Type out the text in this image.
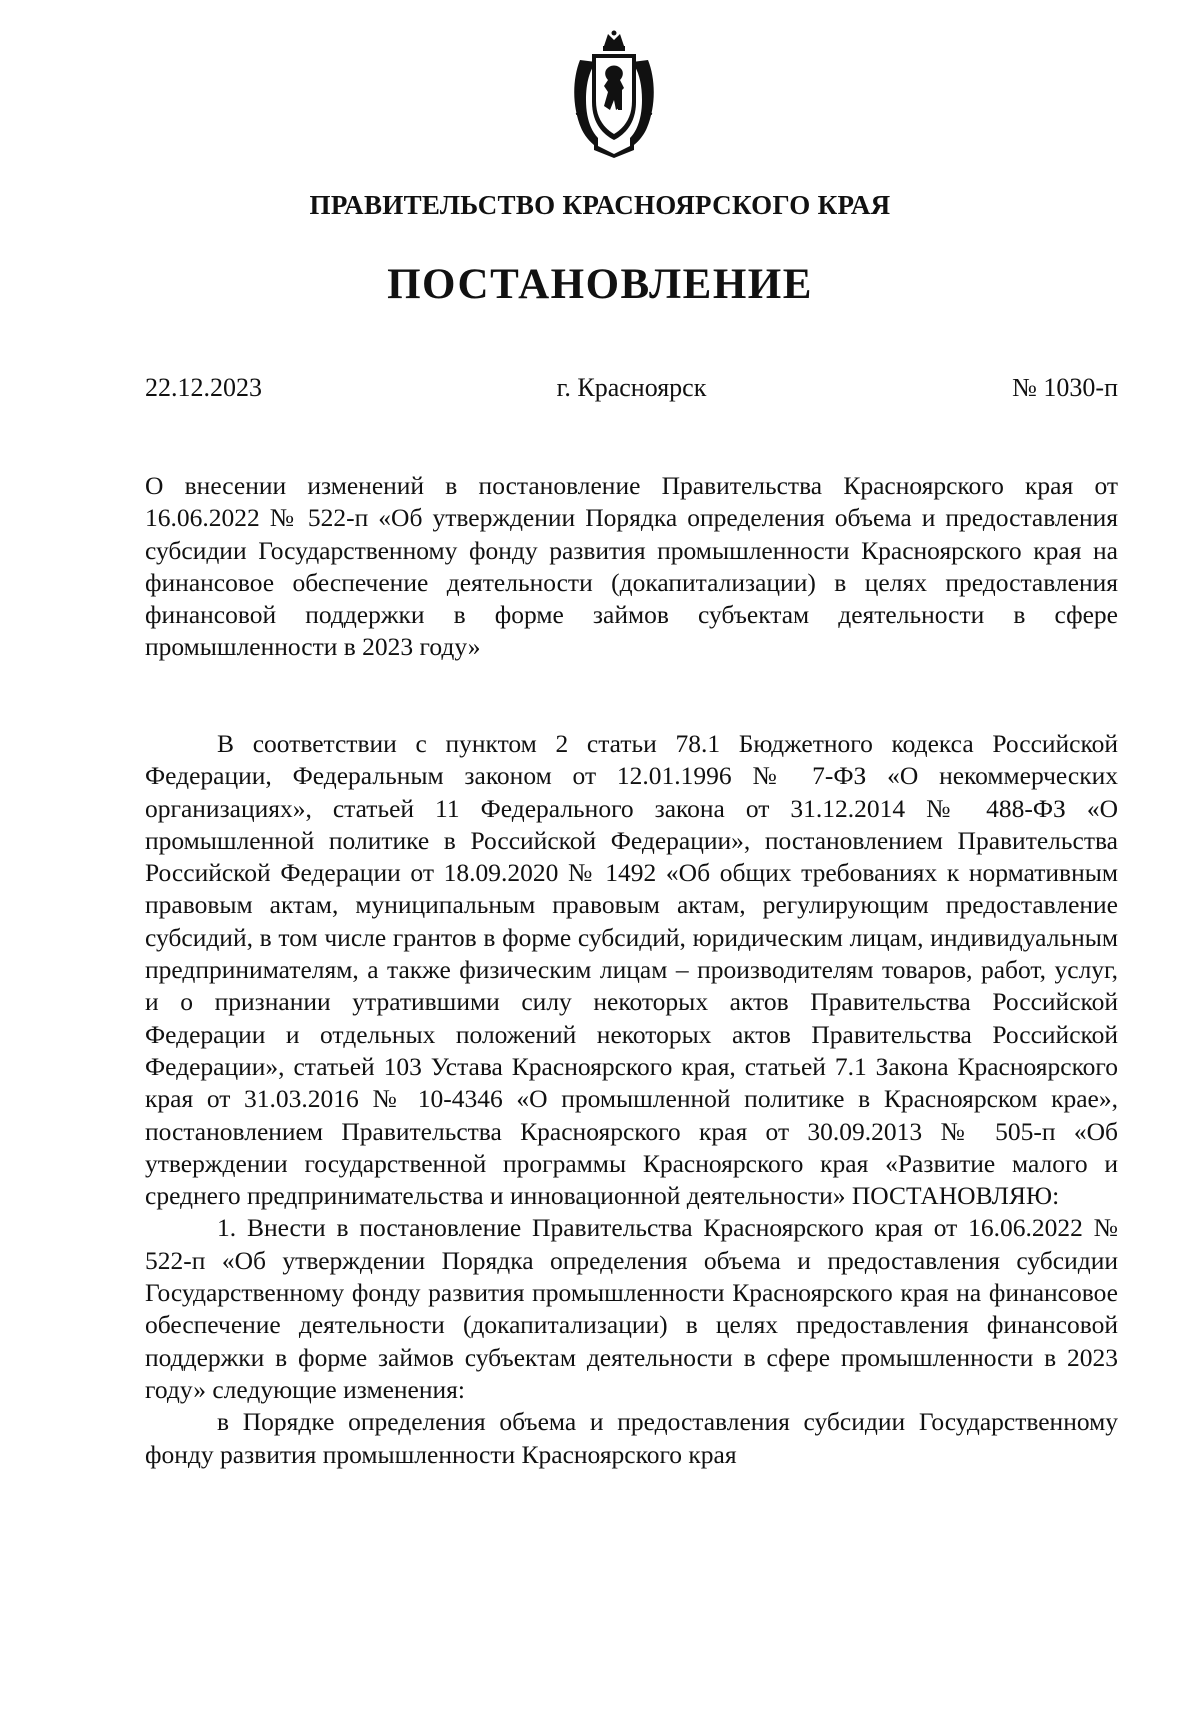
ПРАВИТЕЛЬСТВО КРАСНОЯРСКОГО КРАЯ
ПОСТАНОВЛЕНИЕ
22.12.2023	г. Красноярск	№ 1030-п

О внесении изменений в постановление Правительства Красноярского края от 16.06.2022 № 522-п «Об утверждении Порядка определения объема и предоставления субсидии Государственному фонду развития промышленности Красноярского края на финансовое обеспечение деятельности (докапитализации) в целях предоставления финансовой поддержки в форме займов субъектам деятельности в сфере промышленности в 2023 году»

В соответствии с пунктом 2 статьи 78.1 Бюджетного кодекса Российской Федерации, Федеральным законом от 12.01.1996 № 7-ФЗ «О некоммерческих организациях», статьей 11 Федерального закона от 31.12.2014 № 488-ФЗ «О промышленной политике в Российской Федерации», постановлением Правительства Российской Федерации от 18.09.2020 № 1492 «Об общих требованиях к нормативным правовым актам, муниципальным правовым актам, регулирующим предоставление субсидий, в том числе грантов в форме субсидий, юридическим лицам, индивидуальным предпринимателям, а также физическим лицам – производителям товаров, работ, услуг, и о признании утратившими силу некоторых актов Правительства Российской Федерации и отдельных положений некоторых актов Правительства Российской Федерации», статьей 103 Устава Красноярского края, статьей 7.1 Закона Красноярского края от 31.03.2016 № 10-4346 «О промышленной политике в Красноярском крае», постановлением Правительства Красноярского края от 30.09.2013 № 505-п «Об утверждении государственной программы Красноярского края «Развитие малого и среднего предпринимательства и инновационной деятельности» ПОСТАНОВЛЯЮ:

1. Внести в постановление Правительства Красноярского края от 16.06.2022 № 522-п «Об утверждении Порядка определения объема и предоставления субсидии Государственному фонду развития промышленности Красноярского края на финансовое обеспечение деятельности (докапитализации) в целях предоставления финансовой поддержки в форме займов субъектам деятельности в сфере промышленности в 2023 году» следующие изменения:

в Порядке определения объема и предоставления субсидии Государственному фонду развития промышленности Красноярского края
